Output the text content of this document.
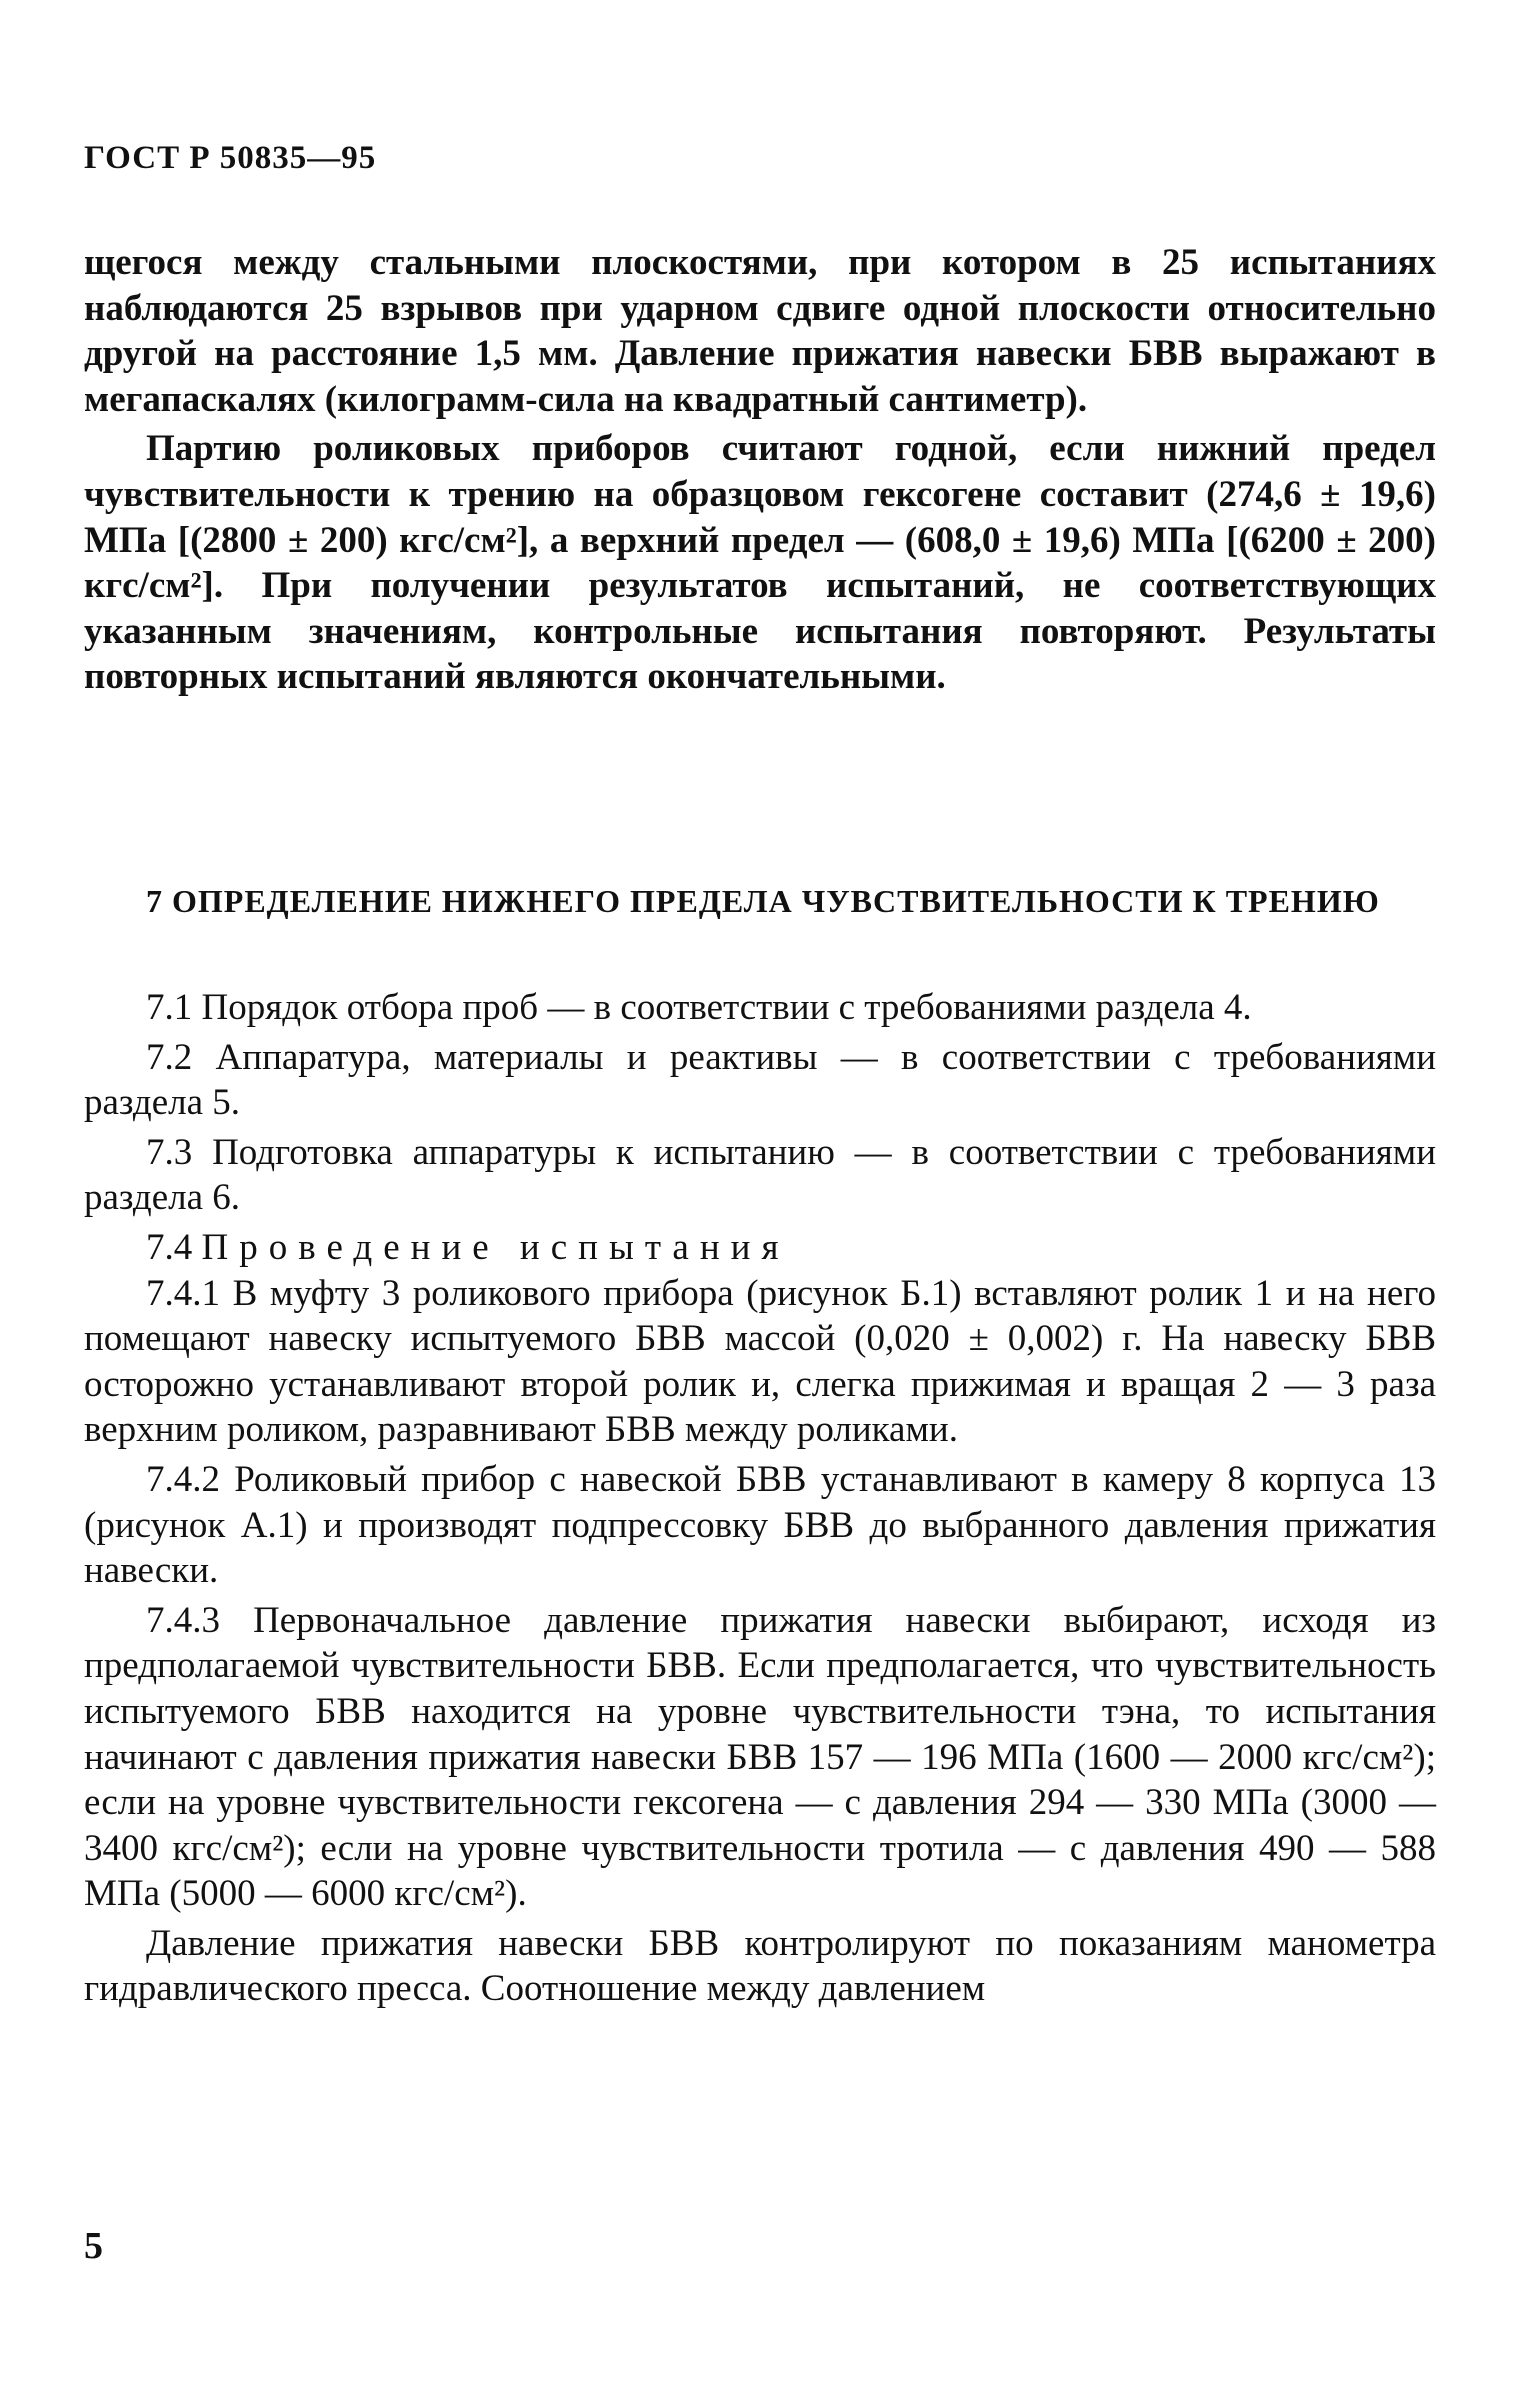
ГОСТ Р 50835—95

щегося между стальными плоскостями, при котором в 25 испытаниях наблюдаются 25 взрывов при ударном сдвиге одной плоскости относительно другой на расстояние 1,5 мм. Давление прижатия навески БВВ выражают в мегапаскалях (килограмм-сила на квадратный сантиметр).

Партию роликовых приборов считают годной, если нижний предел чувствительности к трению на образцовом гексогене составит (274,6 ± 19,6) МПа [(2800 ± 200) кгс/см²], а верхний предел — (608,0 ± 19,6) МПа [(6200 ± 200) кгс/см²]. При получении результатов испытаний, не соответствующих указанным значениям, контрольные испытания повторяют. Результаты повторных испытаний являются окончательными.

7 ОПРЕДЕЛЕНИЕ НИЖНЕГО ПРЕДЕЛА ЧУВСТВИТЕЛЬНОСТИ К ТРЕНИЮ

7.1 Порядок отбора проб — в соответствии с требованиями раздела 4.

7.2 Аппаратура, материалы и реактивы — в соответствии с требованиями раздела 5.

7.3 Подготовка аппаратуры к испытанию — в соответствии с требованиями раздела 6.

7.4 Проведение испытания

7.4.1 В муфту 3 роликового прибора (рисунок Б.1) вставляют ролик 1 и на него помещают навеску испытуемого БВВ массой (0,020 ± 0,002) г. На навеску БВВ осторожно устанавливают второй ролик и, слегка прижимая и вращая 2 — 3 раза верхним роликом, разравнивают БВВ между роликами.

7.4.2 Роликовый прибор с навеской БВВ устанавливают в камеру 8 корпуса 13 (рисунок А.1) и производят подпрессовку БВВ до выбранного давления прижатия навески.

7.4.3 Первоначальное давление прижатия навески выбирают, исходя из предполагаемой чувствительности БВВ. Если предполагается, что чувствительность испытуемого БВВ находится на уровне чувствительности тэна, то испытания начинают с давления прижатия навески БВВ 157 — 196 МПа (1600 — 2000 кгс/см²); если на уровне чувствительности гексогена — с давления 294 — 330 МПа (3000 — 3400 кгс/см²); если на уровне чувствительности тротила — с давления 490 — 588 МПа (5000 — 6000 кгс/см²).

Давление прижатия навески БВВ контролируют по показаниям манометра гидравлического пресса. Соотношение между давлением

5
